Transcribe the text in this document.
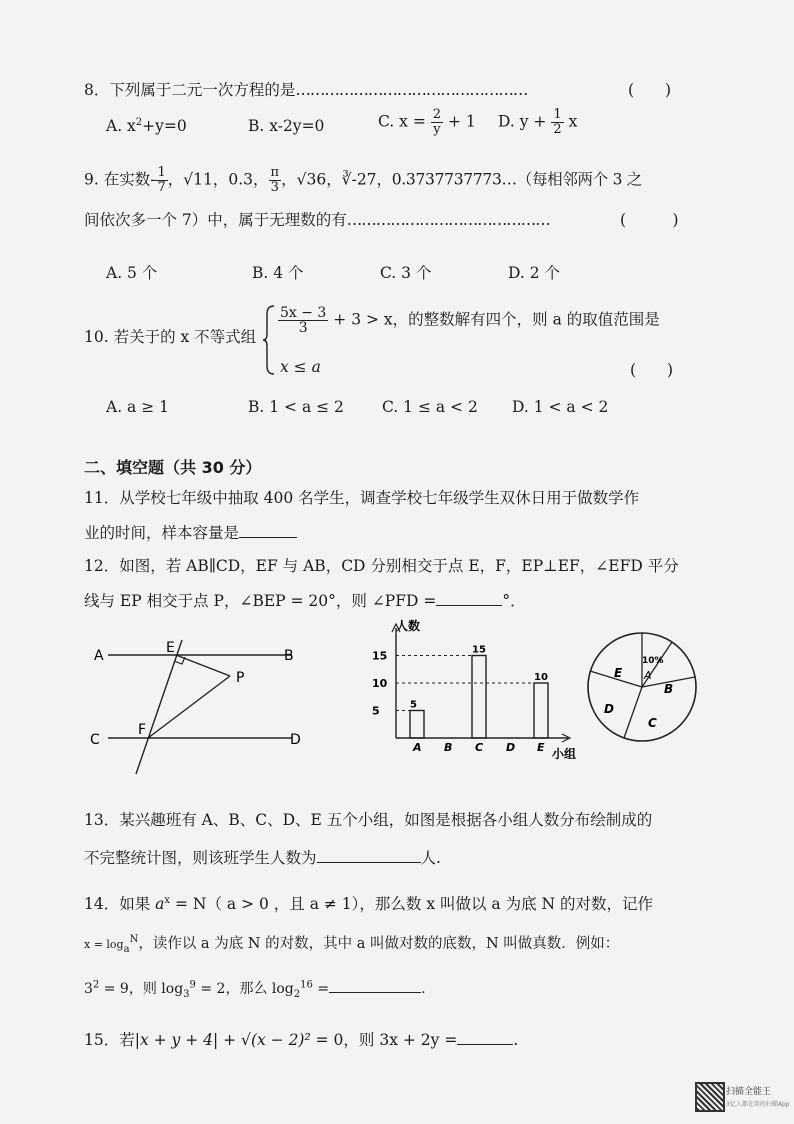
8．下列属于二元一次方程的是…………………………………………	(　　)
A. $x^2+y=0$	B. x-2y=0	C. $x = \frac{2}{y} + 1$ D. $y + \frac{1}{2}$ x
9. 在实数- $\frac{1}{7}$ ，√11，0.3， $\frac{\pi}{3}$ ，√36，∛-27，0.3737737773…（每相邻两个 3 之
间依次多一个 7）中，属于无理数的有……………………………………	(　　　)
A. 5 个	B. 4 个	C. 3 个	D. 2 个
10. 若关于的 x 不等式组
$\frac{5x - 3}{3} + 3 > x$，的整数解有四个，则 a 的取值范围是
x ≤ a	(　　)
A. a ≥ 1	B. 1 < a ≤ 2 C. 1 ≤ a < 2 D. 1 < a < 2
二、填空题（共 30 分）
11．从学校七年级中抽取 400 名学生，调查学校七年级学生双休日用于做数学作
业的时间，样本容量是
12．如图，若 AB∥CD，EF 与 AB，CD 分别相交于点 E，F，EP⊥EF，∠EFD 平分
线与 EP 相交于点 P，∠BEP = 20°，则 ∠PFD =	°．
A	B
C	D
E
F
P
人数
小组
5
10
15
5
A B
15
C D
10
E
10%
A
B
C
D
E
13．某兴趣班有 A、B、C、D、E 五个小组，如图是根据各小组人数分布绘制成的
不完整统计图，则该班学生人数为	人.
14．如果 $a^x = N$（ a > 0 ，且 a ≠ 1），那么数 x 叫做以 a 为底 N 的对数，记作
$x = \log_a^N$，读作以 a 为底 N 的对数，其中 a 叫做对数的底数，N 叫做真数．例如：
$3^2 = 9$，则 $\log_3^9 = 2$，那么 $\log_2^{16}$ =	.
15．若|x + y + 4| + √(x − 2)² = 0，则 3x + 2y =	.
扫描全能王
3亿人都在用的扫描App
